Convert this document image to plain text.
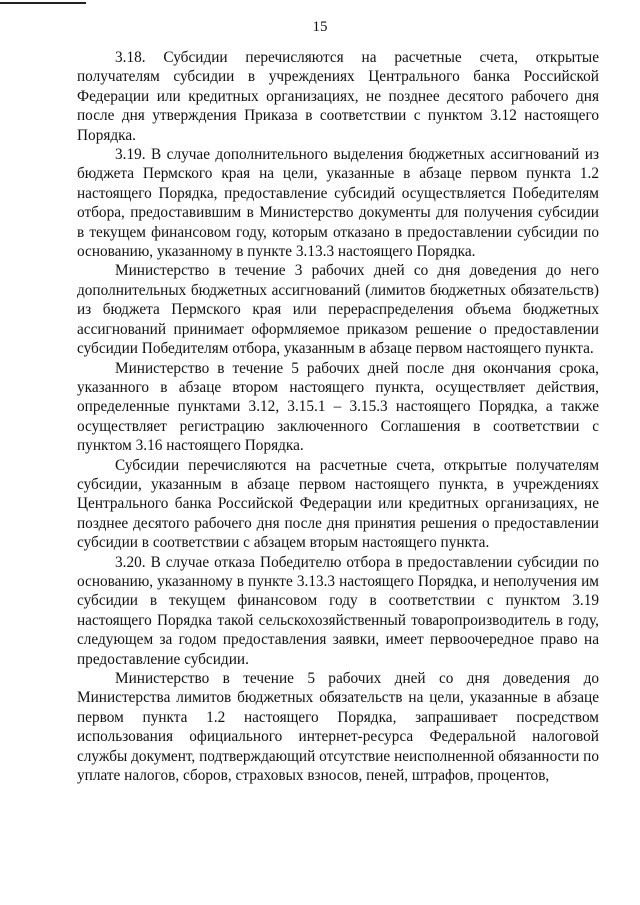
15

3.18. Субсидии перечисляются на расчетные счета, открытые получателям субсидии в учреждениях Центрального банка Российской Федерации или кредитных организациях, не позднее десятого рабочего дня после дня утверждения Приказа в соответствии с пунктом 3.12 настоящего Порядка.

3.19. В случае дополнительного выделения бюджетных ассигнований из бюджета Пермского края на цели, указанные в абзаце первом пункта 1.2 настоящего Порядка, предоставление субсидий осуществляется Победителям отбора, предоставившим в Министерство документы для получения субсидии в текущем финансовом году, которым отказано в предоставлении субсидии по основанию, указанному в пункте 3.13.3 настоящего Порядка.

Министерство в течение 3 рабочих дней со дня доведения до него дополнительных бюджетных ассигнований (лимитов бюджетных обязательств) из бюджета Пермского края или перераспределения объема бюджетных ассигнований принимает оформляемое приказом решение о предоставлении субсидии Победителям отбора, указанным в абзаце первом настоящего пункта.

Министерство в течение 5 рабочих дней после дня окончания срока, указанного в абзаце втором настоящего пункта, осуществляет действия, определенные пунктами 3.12, 3.15.1 – 3.15.3 настоящего Порядка, а также осуществляет регистрацию заключенного Соглашения в соответствии с пунктом 3.16 настоящего Порядка.

Субсидии перечисляются на расчетные счета, открытые получателям субсидии, указанным в абзаце первом настоящего пункта, в учреждениях Центрального банка Российской Федерации или кредитных организациях, не позднее десятого рабочего дня после дня принятия решения о предоставлении субсидии в соответствии с абзацем вторым настоящего пункта.

3.20. В случае отказа Победителю отбора в предоставлении субсидии по основанию, указанному в пункте 3.13.3 настоящего Порядка, и неполучения им субсидии в текущем финансовом году в соответствии с пунктом 3.19 настоящего Порядка такой сельскохозяйственный товаропроизводитель в году, следующем за годом предоставления заявки, имеет первоочередное право на предоставление субсидии.

Министерство в течение 5 рабочих дней со дня доведения до Министерства лимитов бюджетных обязательств на цели, указанные в абзаце первом пункта 1.2 настоящего Порядка, запрашивает посредством использования официального интернет-ресурса Федеральной налоговой службы документ, подтверждающий отсутствие неисполненной обязанности по уплате налогов, сборов, страховых взносов, пеней, штрафов, процентов,
